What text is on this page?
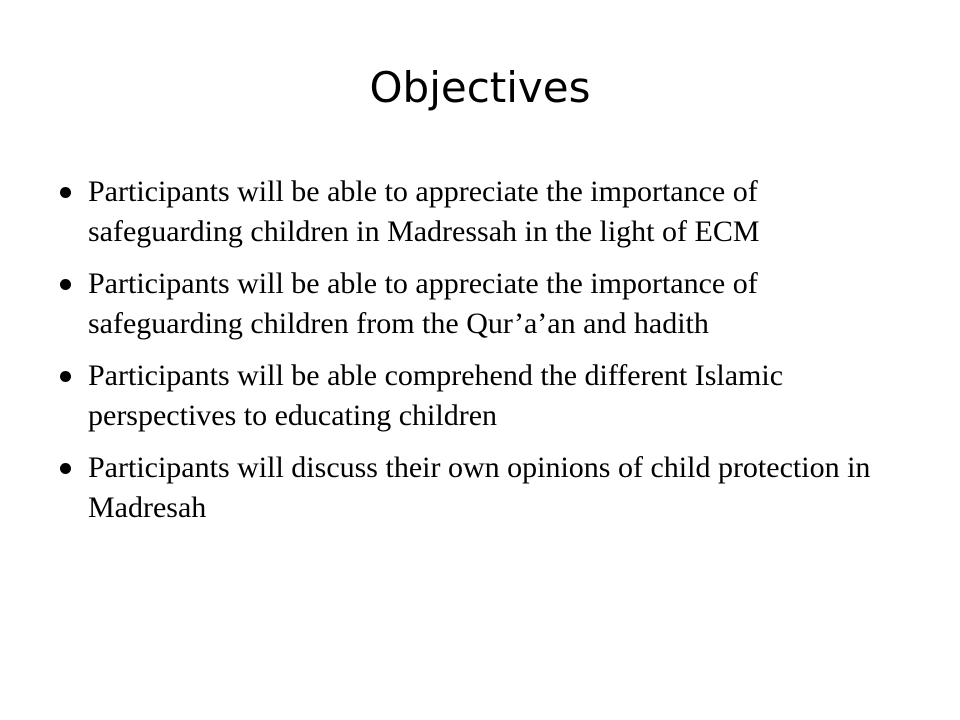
Objectives
Participants will be able to appreciate the importance of safeguarding children in Madressah in the light of ECM
Participants will be able to appreciate the importance of safeguarding children from the Qur’a’an and hadith
Participants will be able comprehend the different Islamic perspectives to educating children
Participants will discuss their own opinions of child protection in Madresah
